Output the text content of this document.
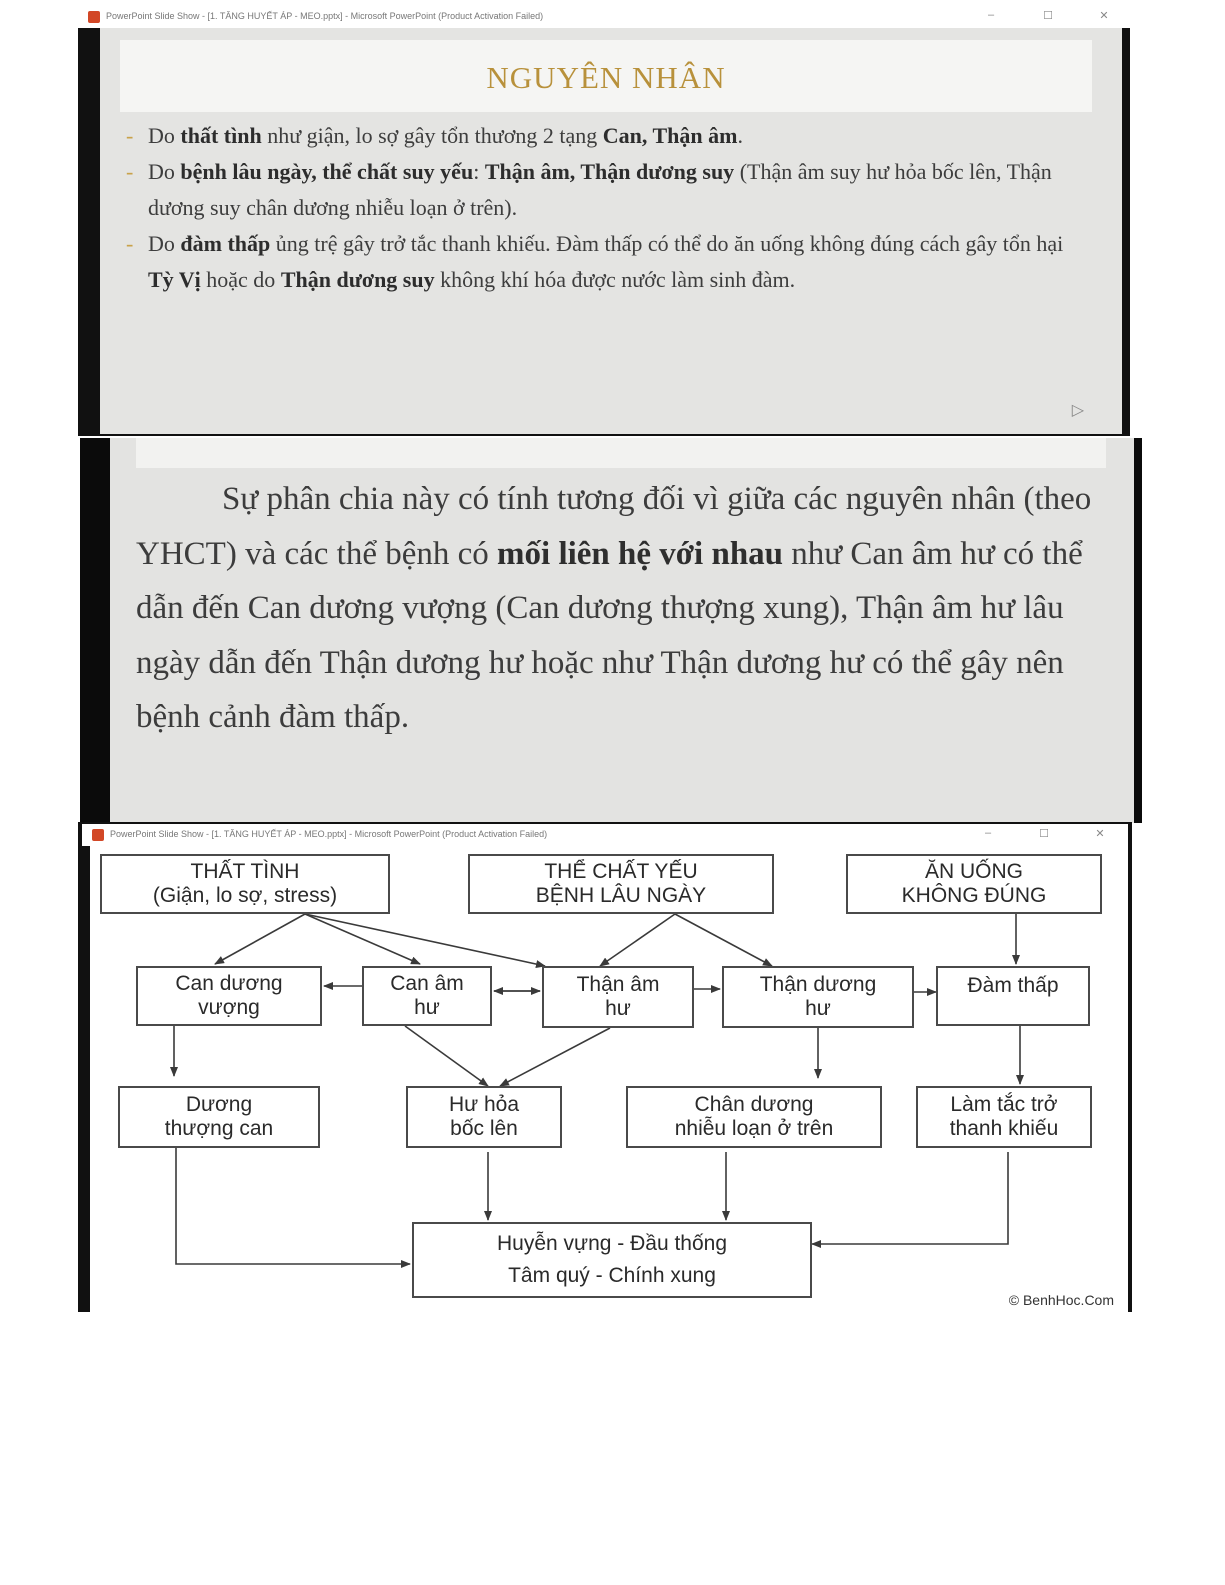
PowerPoint Slide Show - [1. TĂNG HUYẾT ÁP - MEO.pptx] - Microsoft PowerPoint (Product Activation Failed)	–	☐	✕
NGUYÊN NHÂN

- Do thất tình như giận, lo sợ gây tổn thương 2 tạng Can, Thận âm.

- Do bệnh lâu ngày, thể chất suy yếu: Thận âm, Thận dương suy (Thận âm suy hư hỏa bốc lên, Thận dương suy chân dương nhiễu loạn ở trên).

- Do đàm thấp ủng trệ gây trở tắc thanh khiếu. Đàm thấp có thể do ăn uống không đúng cách gây tổn hại Tỳ Vị hoặc do Thận dương suy không khí hóa được nước làm sinh đàm.

▷
Sự phân chia này có tính tương đối vì giữa các nguyên nhân (theo YHCT) và các thể bệnh có mối liên hệ với nhau như Can âm hư có thể dẫn đến Can dương vượng (Can dương thượng xung), Thận âm hư lâu ngày dẫn đến Thận dương hư hoặc như Thận dương hư có thể gây nên bệnh cảnh đàm thấp.
PowerPoint Slide Show - [1. TĂNG HUYẾT ÁP - MEO.pptx] - Microsoft PowerPoint (Product Activation Failed)	–	☐	✕
THẤT TÌNH
(Giận, lo sợ, stress)
THỂ CHẤT YẾU
BỆNH LÂU NGÀY
ĂN UỐNG
KHÔNG ĐÚNG
Can dương
vượng
Can âm
hư
Thận âm
hư
Thận dương
hư
Đàm thấp
Dương
thượng can
Hư hỏa
bốc lên
Chân dương
nhiễu loạn ở trên
Làm tắc trở
thanh khiếu
Huyễn vựng - Đầu thống
Tâm quý - Chính xung
© BenhHoc.Com
